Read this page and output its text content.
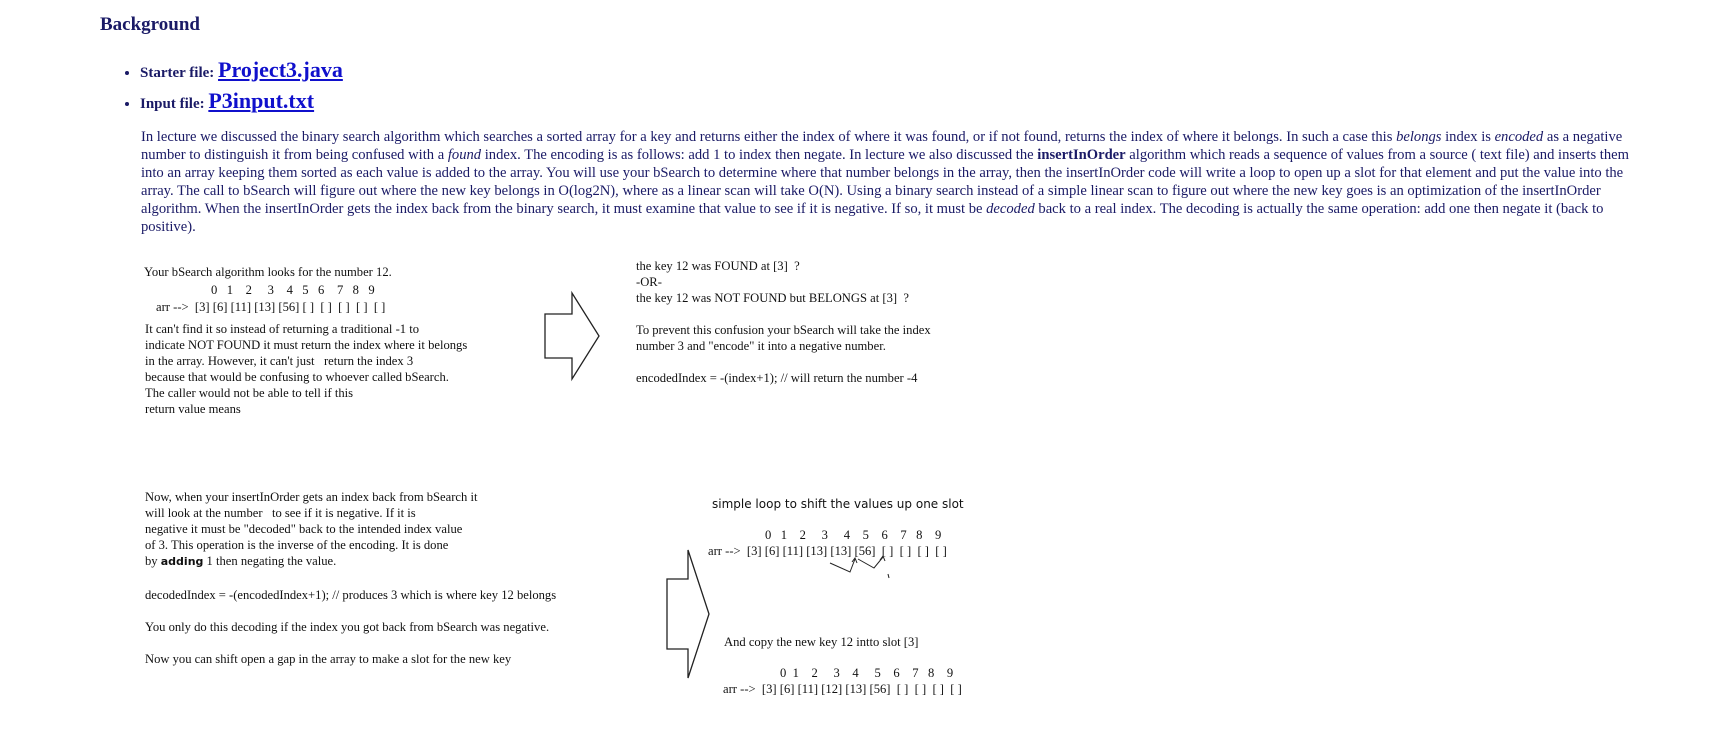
Background
• Starter file: Project3.java
• Input file: P3input.txt

In lecture we discussed the binary search algorithm which searches a sorted array for a key and returns either the index of where it was found, or if not found, returns the index of where it belongs. In such a case this belongs index is encoded as a negative number to distinguish it from being confused with a found index. The encoding is as follows: add 1 to index then negate. In lecture we also discussed the insertInOrder algorithm which reads a sequence of values from a source ( text file) and inserts them into an array keeping them sorted as each value is added to the array. You will use your bSearch to determine where that number belongs in the array, then the insertInOrder code will write a loop to open up a slot for that element and put the value into the array. The call to bSearch will figure out where the new key belongs in O(log2N), where as a linear scan will take O(N). Using a binary search instead of a simple linear scan to figure out where the new key goes is an optimization of the insertInOrder algorithm. When the insertInOrder gets the index back from the binary search, it must examine that value to see if it is negative. If so, it must be decoded back to a real index. The decoding is actually the same operation: add one then negate it (back to positive).

Your bSearch algorithm looks for the number 12.
0   1    2     3    4   5   6    7   8   9
arr -->  [3] [6] [11] [13] [56] [ ]  [ ]  [ ]  [ ]  [ ]
It can't find it so instead of returning a traditional -1 to
indicate NOT FOUND it must return the index where it belongs
in the array. However, it can't just   return the index 3
because that would be confusing to whoever called bSearch.
The caller would not be able to tell if this
return value means
the key 12 was FOUND at [3]  ?
-OR-
the key 12 was NOT FOUND but BELONGS at [3]  ?

To prevent this confusion your bSearch will take the index
number 3 and "encode" it into a negative number.

encodedIndex = -(index+1); // will return the number -4
Now, when your insertInOrder gets an index back from bSearch it
will look at the number   to see if it is negative. If it is
negative it must be "decoded" back to the intended index value
of 3. This operation is the inverse of the encoding. It is done
by adding 1 then negating the value.
decodedIndex = -(encodedIndex+1); // produces 3 which is where key 12 belongs
You only do this decoding if the index you got back from bSearch was negative.
Now you can shift open a gap in the array to make a slot for the new key
simple loop to shift the values up one slot
0   1    2     3     4    5    6    7   8    9
arr -->  [3] [6] [11] [13] [13] [56]  [ ]  [ ]  [ ]  [ ]
And copy the new key 12 intto slot [3]
0  1    2     3    4     5    6    7   8    9
arr -->  [3] [6] [11] [12] [13] [56]  [ ]  [ ]  [ ]  [ ]
